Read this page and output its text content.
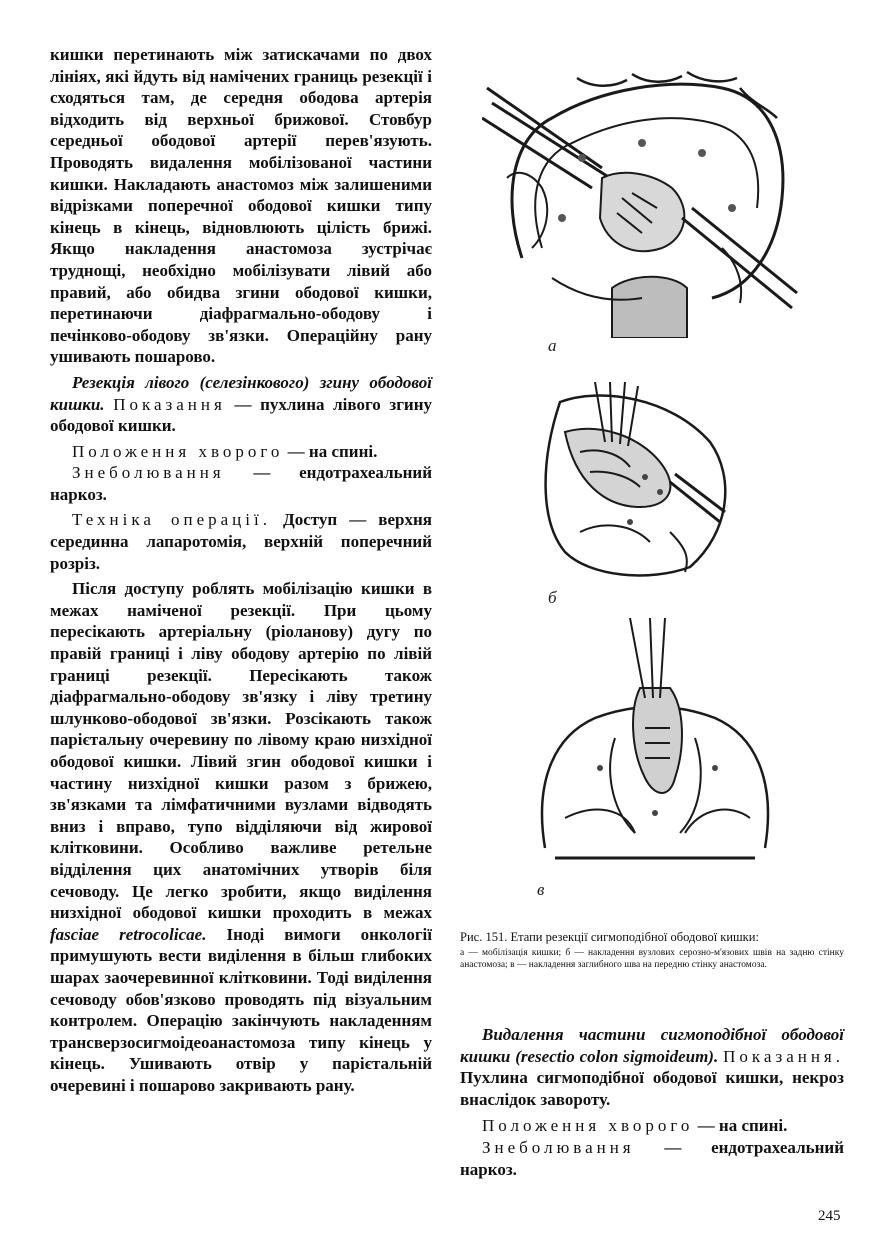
кишки перетинають між затискачами по двох лініях, які йдуть від намічених границь резекції і сходяться там, де середня ободова артерія відходить від верхньої брижової. Стовбур середньої ободової артерії перев'язують. Проводять видалення мобілізованої частини кишки. Накладають анастомоз між залишеними відрізками поперечної ободової кишки типу кінець в кінець, відновлюють цілість брижі. Якщо накладення анастомоза зустрічає труднощі, необхідно мобілізувати лівий або правий, або обидва згини ободової кишки, перетинаючи діафрагмально-ободову і печінково-ободову зв'язки. Операційну рану ушивають пошарово.

Резекція лівого (селезінкового) згину ободової кишки. Показання — пухлина лівого згину ободової кишки.

Положення хворого — на спині.

Знеболювання — ендотрахеальний наркоз.

Техніка операції. Доступ — верхня серединна лапаротомія, верхній поперечний розріз.

Після доступу роблять мобілізацію кишки в межах наміченої резекції. При цьому пересікають артеріальну (ріолановy) дугу по правій границі і ліву ободову артерію по лівій границі резекції. Пересікають також діафрагмально-ободову зв'язку і ліву третину шлунково-ободової зв'язки. Розсікають також парієтальну очеревину по лівому краю низхідної ободової кишки. Лівий згин ободової кишки і частину низхідної кишки разом з брижею, зв'язками та лімфатичними вузлами відводять вниз і вправо, тупо відділяючи від жирової клітковини. Особливо важливе ретельне відділення цих анатомічних утворів біля сечоводу. Це легко зробити, якщо виділення низхідної ободової кишки проходить в межах fasciae retrocolicae. Іноді вимоги онкології примушують вести виділення в більш глибоких шарах заочеревинної клітковини. Тоді виділення сечоводу обов'язково проводять під візуальним контролем. Операцію закінчують накладенням трансверзосигмоідеоанастомоза типу кінець у кінець. Ушивають отвір у парієтальній очеревині і пошарово закривають рану.

а
б
в

Рис. 151. Етапи резекції сигмоподібної ободової кишки:

а — мобілізація кишки; б — накладення вузлових серозно-м'язових швів на задню стінку анастомоза; в — накладення заглибного шва на передню стінку анастомоза.

Видалення частини сигмоподібної ободової кишки (resectio colon sigmoideum). Показання. Пухлина сигмоподібної ободової кишки, некроз внаслідок завороту.

Положення хворого — на спині.

Знеболювання — ендотрахеальний наркоз.

245
